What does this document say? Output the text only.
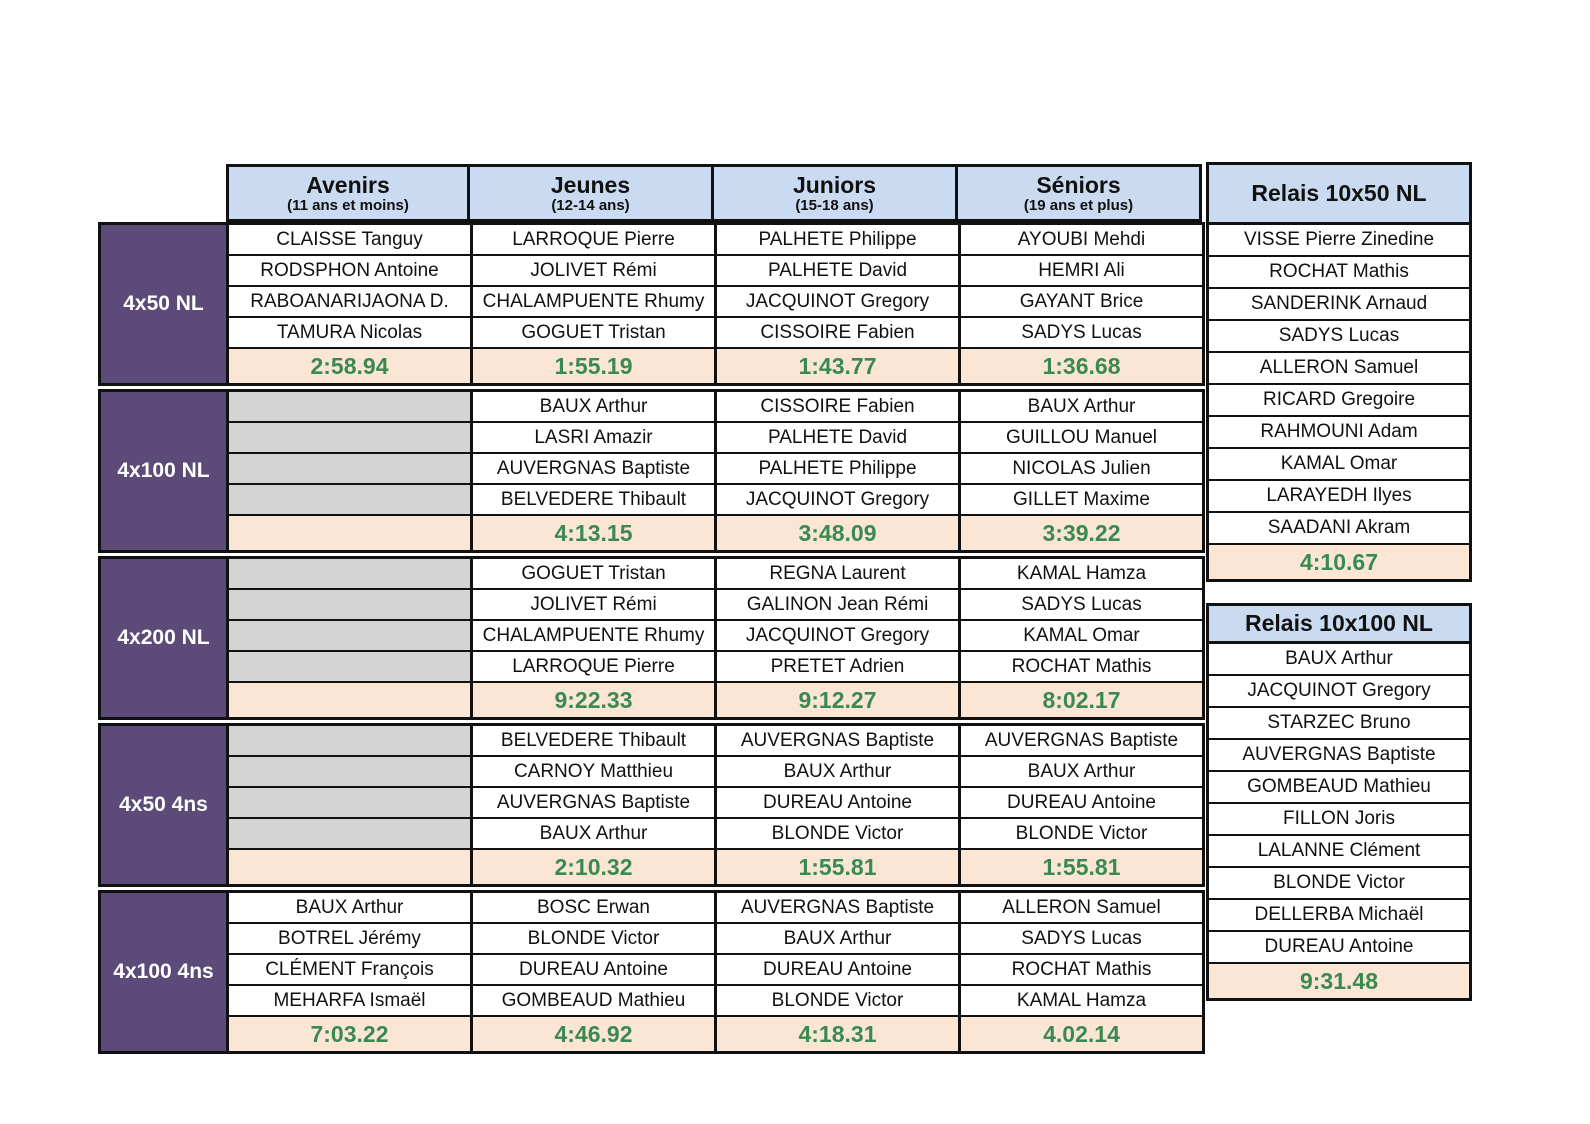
Avenirs
(11 ans et moins)
Jeunes
(12-14 ans)
Juniors
(15-18 ans)
Séniors
(19 ans et plus)
4x50 NL
CLAISSE Tanguy
RODSPHON Antoine
RABOANARIJAONA D.
TAMURA Nicolas
2:58.94
LARROQUE Pierre
JOLIVET Rémi
CHALAMPUENTE Rhumy
GOGUET Tristan
1:55.19
PALHETE Philippe
PALHETE David
JACQUINOT Gregory
CISSOIRE Fabien
1:43.77
AYOUBI Mehdi
HEMRI Ali
GAYANT Brice
SADYS Lucas
1:36.68
4x100 NL
BAUX Arthur
LASRI Amazir
AUVERGNAS Baptiste
BELVEDERE Thibault
4:13.15
CISSOIRE Fabien
PALHETE David
PALHETE Philippe
JACQUINOT Gregory
3:48.09
BAUX Arthur
GUILLOU Manuel
NICOLAS Julien
GILLET Maxime
3:39.22
4x200 NL
GOGUET Tristan
JOLIVET Rémi
CHALAMPUENTE Rhumy
LARROQUE Pierre
9:22.33
REGNA Laurent
GALINON Jean Rémi
JACQUINOT Gregory
PRETET Adrien
9:12.27
KAMAL Hamza
SADYS Lucas
KAMAL Omar
ROCHAT Mathis
8:02.17
4x50 4ns
BELVEDERE Thibault
CARNOY Matthieu
AUVERGNAS Baptiste
BAUX Arthur
2:10.32
AUVERGNAS Baptiste
BAUX Arthur
DUREAU Antoine
BLONDE Victor
1:55.81
AUVERGNAS Baptiste
BAUX Arthur
DUREAU Antoine
BLONDE Victor
1:55.81
4x100 4ns
BAUX Arthur
BOTREL Jérémy
CLÉMENT François
MEHARFA Ismaël
7:03.22
BOSC Erwan
BLONDE Victor
DUREAU Antoine
GOMBEAUD Mathieu
4:46.92
AUVERGNAS Baptiste
BAUX Arthur
DUREAU Antoine
BLONDE Victor
4:18.31
ALLERON Samuel
SADYS Lucas
ROCHAT Mathis
KAMAL Hamza
4.02.14
Relais 10x50 NL
VISSE Pierre Zinedine
ROCHAT Mathis
SANDERINK Arnaud
SADYS Lucas
ALLERON Samuel
RICARD Gregoire
RAHMOUNI Adam
KAMAL Omar
LARAYEDH Ilyes
SAADANI Akram
4:10.67
Relais 10x100 NL
BAUX Arthur
JACQUINOT Gregory
STARZEC Bruno
AUVERGNAS Baptiste
GOMBEAUD Mathieu
FILLON Joris
LALANNE Clément
BLONDE Victor
DELLERBA Michaël
DUREAU Antoine
9:31.48
